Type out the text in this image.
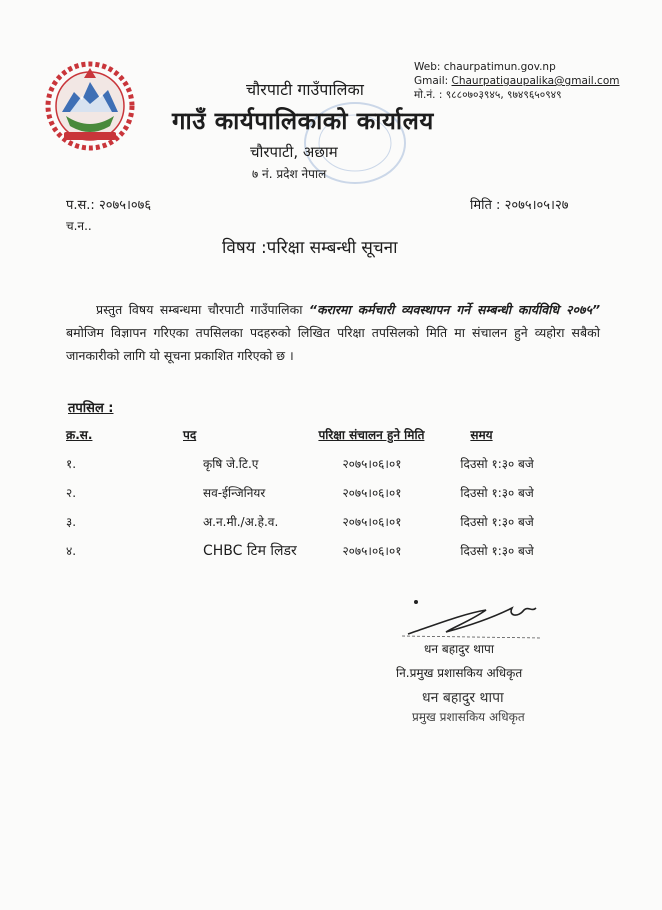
चौरपाटी गाउँपालिका
गाउँ कार्यपालिकाको कार्यालय
चौरपाटी, अछाम
७ नं. प्रदेश नेपाल
Web: chaurpatimun.gov.np
Gmail: Chaurpatigaupalika@gmail.com
मो.नं. : ९८८०७०३९४५, ९७४९६५०९४९
प.स.: २०७५।०७६
च.न..
मिति : २०७५।०५।२७
विषय :परिक्षा सम्बन्धी सूचना
प्रस्तुत विषय सम्बन्धमा चौरपाटी गाउँपालिका “करारमा कर्मचारी व्यवस्थापन गर्ने सम्बन्धी कार्यविधि २०७५” बमोजिम विज्ञापन गरिएका तपसिलका पदहरुको लिखित परिक्षा तपसिलको मिति मा संचालन हुने व्यहोरा सबैको जानकारीको लागि यो सूचना प्रकाशित गरिएको छ ।
तपसिल :
क्र.स.	पद	परिक्षा संचालन हुने मिति	समय
१.	कृषि जे.टि.ए	२०७५।०६।०१	दिउसो १:३० बजे
२.	सव-ईन्जिनियर	२०७५।०६।०१	दिउसो १:३० बजे
३.	अ.न.मी./अ.हे.व.	२०७५।०६।०१	दिउसो १:३० बजे
४.	CHBC टिम लिडर	२०७५।०६।०१	दिउसो १:३० बजे
धन बहादुर थापा
नि.प्रमुख प्रशासकिय अधिकृत
धन बहादुर थापा
प्रमुख प्रशासकिय अधिकृत
